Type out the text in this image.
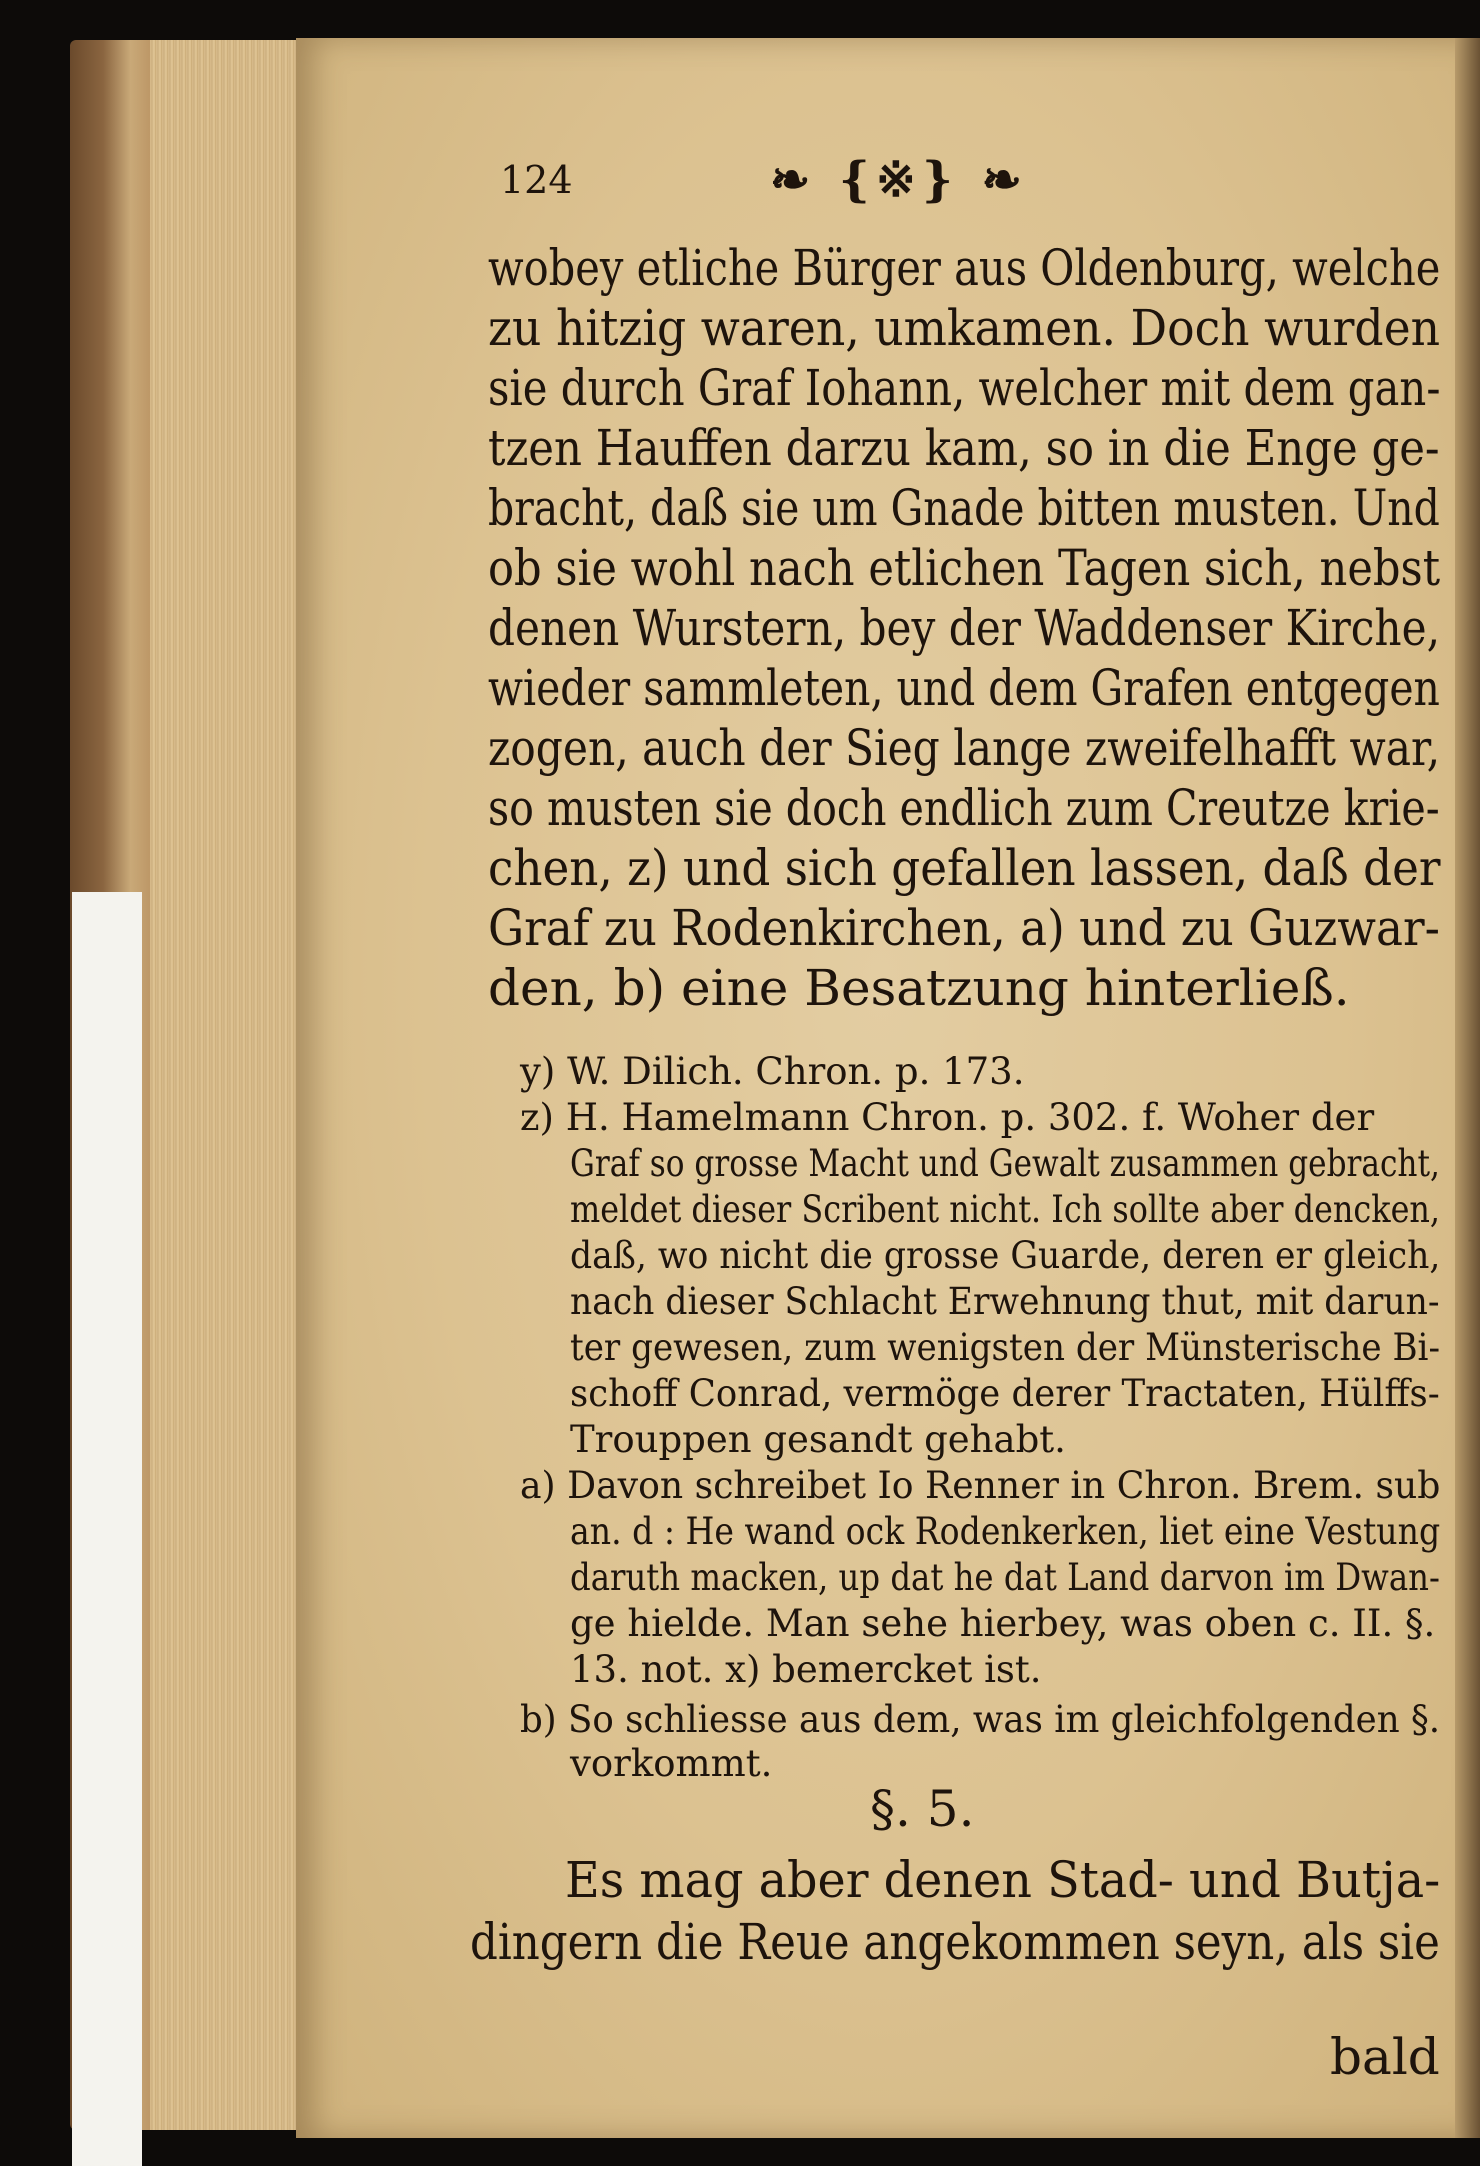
124	❧ {※} ❧
wobey etliche Bürger aus Oldenburg, welche
zu hitzig waren, umkamen. Doch wurden
sie durch Graf Iohann, welcher mit dem gan-
tzen Hauffen darzu kam, so in die Enge ge-
bracht, daß sie um Gnade bitten musten. Und
ob sie wohl nach etlichen Tagen sich, nebst
denen Wurstern, bey der Waddenser Kirche,
wieder sammleten, und dem Grafen entgegen
zogen, auch der Sieg lange zweifelhafft war,
so musten sie doch endlich zum Creutze krie-
chen, z) und sich gefallen lassen, daß der
Graf zu Rodenkirchen, a) und zu Guzwar-
den, b) eine Besatzung hinterließ.
y) W. Dilich. Chron. p. 173.
z) H. Hamelmann Chron. p. 302. f. Woher der
Graf so grosse Macht und Gewalt zusammen gebracht,
meldet dieser Scribent nicht. Ich sollte aber dencken,
daß, wo nicht die grosse Guarde, deren er gleich,
nach dieser Schlacht Erwehnung thut, mit darun-
ter gewesen, zum wenigsten der Münsterische Bi-
schoff Conrad, vermöge derer Tractaten, Hülffs-
Trouppen gesandt gehabt.
a) Davon schreibet Io Renner in Chron. Brem. sub
an. d : He wand ock Rodenkerken, liet eine Vestung
daruth macken, up dat he dat Land darvon im Dwan-
ge hielde. Man sehe hierbey, was oben c. II. §.
13. not. x) bemercket ist.
b) So schliesse aus dem, was im gleichfolgenden §.
vorkommt.
§. 5.
Es mag aber denen Stad- und Butja-
dingern die Reue angekommen seyn, als sie
bald
